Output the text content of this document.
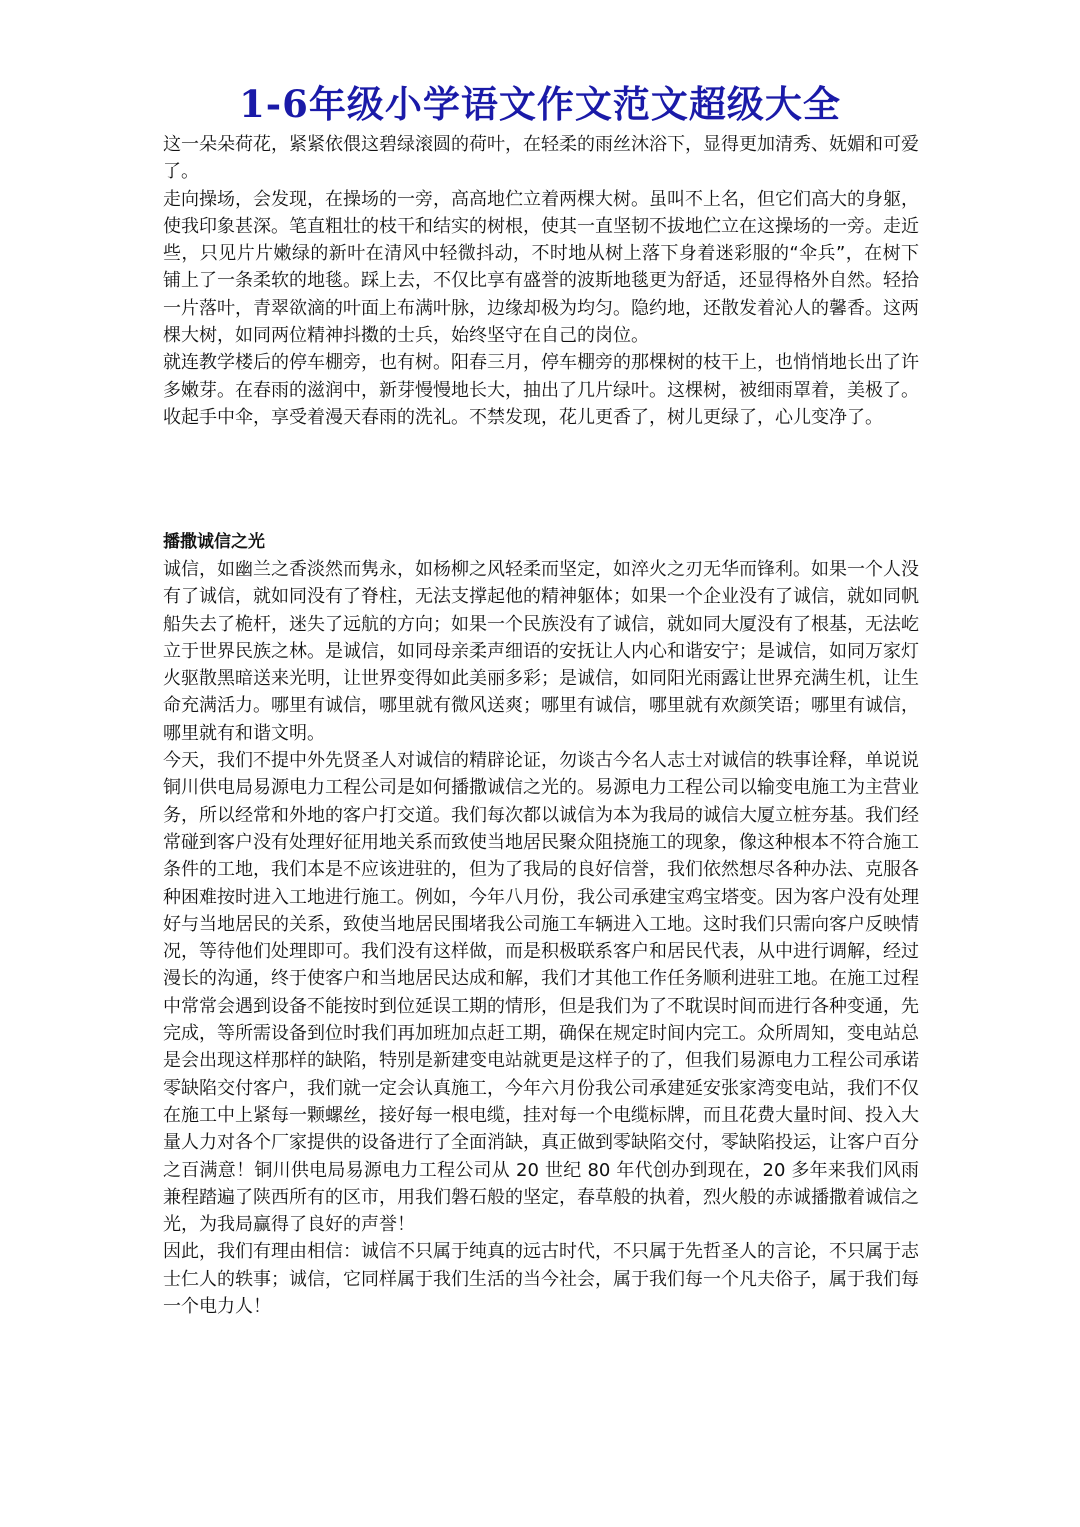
1-6年级小学语文作文范文超级大全

这一朵朵荷花，紧紧依偎这碧绿滚圆的荷叶，在轻柔的雨丝沐浴下，显得更加清秀、妩媚和可爱了。

走向操场，会发现，在操场的一旁，高高地伫立着两棵大树。虽叫不上名，但它们高大的身躯，使我印象甚深。笔直粗壮的枝干和结实的树根，使其一直坚韧不拔地伫立在这操场的一旁。走近些，只见片片嫩绿的新叶在清风中轻微抖动，不时地从树上落下身着迷彩服的“伞兵”，在树下铺上了一条柔软的地毯。踩上去，不仅比享有盛誉的波斯地毯更为舒适，还显得格外自然。轻拾一片落叶，青翠欲滴的叶面上布满叶脉，边缘却极为均匀。隐约地，还散发着沁人的馨香。这两棵大树，如同两位精神抖擞的士兵，始终坚守在自己的岗位。

就连教学楼后的停车棚旁，也有树。阳春三月，停车棚旁的那棵树的枝干上，也悄悄地长出了许多嫩芽。在春雨的滋润中，新芽慢慢地长大，抽出了几片绿叶。这棵树，被细雨罩着，美极了。

收起手中伞，享受着漫天春雨的洗礼。不禁发现，花儿更香了，树儿更绿了，心儿变净了。

播撒诚信之光

诚信，如幽兰之香淡然而隽永，如杨柳之风轻柔而坚定，如淬火之刃无华而锋利。如果一个人没有了诚信，就如同没有了脊柱，无法支撑起他的精神躯体；如果一个企业没有了诚信，就如同帆船失去了桅杆，迷失了远航的方向；如果一个民族没有了诚信，就如同大厦没有了根基，无法屹立于世界民族之林。是诚信，如同母亲柔声细语的安抚让人内心和谐安宁；是诚信，如同万家灯火驱散黑暗送来光明，让世界变得如此美丽多彩；是诚信，如同阳光雨露让世界充满生机，让生命充满活力。哪里有诚信，哪里就有微风送爽；哪里有诚信，哪里就有欢颜笑语；哪里有诚信，哪里就有和谐文明。

今天，我们不提中外先贤圣人对诚信的精辟论证，勿谈古今名人志士对诚信的轶事诠释，单说说铜川供电局易源电力工程公司是如何播撒诚信之光的。易源电力工程公司以输变电施工为主营业务，所以经常和外地的客户打交道。我们每次都以诚信为本为我局的诚信大厦立桩夯基。我们经常碰到客户没有处理好征用地关系而致使当地居民聚众阻挠施工的现象，像这种根本不符合施工条件的工地，我们本是不应该进驻的，但为了我局的良好信誉，我们依然想尽各种办法、克服各种困难按时进入工地进行施工。例如，今年八月份，我公司承建宝鸡宝塔变。因为客户没有处理好与当地居民的关系，致使当地居民围堵我公司施工车辆进入工地。这时我们只需向客户反映情况，等待他们处理即可。我们没有这样做，而是积极联系客户和居民代表，从中进行调解，经过漫长的沟通，终于使客户和当地居民达成和解，我们才其他工作任务顺利进驻工地。在施工过程中常常会遇到设备不能按时到位延误工期的情形，但是我们为了不耽误时间而进行各种变通，先完成，等所需设备到位时我们再加班加点赶工期，确保在规定时间内完工。众所周知，变电站总是会出现这样那样的缺陷，特别是新建变电站就更是这样子的了，但我们易源电力工程公司承诺零缺陷交付客户，我们就一定会认真施工，今年六月份我公司承建延安张家湾变电站，我们不仅在施工中上紧每一颗螺丝，接好每一根电缆，挂对每一个电缆标牌，而且花费大量时间、投入大量人力对各个厂家提供的设备进行了全面消缺，真正做到零缺陷交付，零缺陷投运，让客户百分之百满意！铜川供电局易源电力工程公司从 20 世纪 80 年代创办到现在，20 多年来我们风雨兼程踏遍了陕西所有的区市，用我们磐石般的坚定，春草般的执着，烈火般的赤诚播撒着诚信之光，为我局赢得了良好的声誉！

因此，我们有理由相信：诚信不只属于纯真的远古时代，不只属于先哲圣人的言论，不只属于志士仁人的轶事；诚信，它同样属于我们生活的当今社会，属于我们每一个凡夫俗子，属于我们每一个电力人！
